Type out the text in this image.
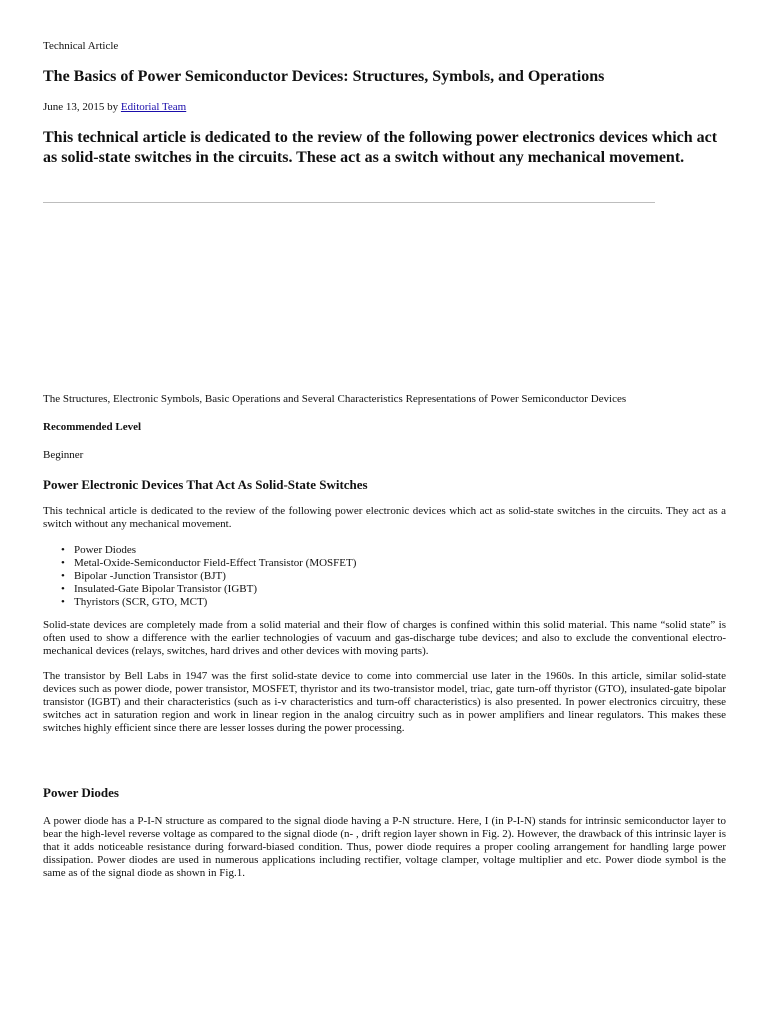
Technical Article
The Basics of Power Semiconductor Devices: Structures, Symbols, and Operations
June 13, 2015 by Editorial Team

This technical article is dedicated to the review of the following power electronics devices which act as solid-state switches in the circuits. These act as a switch without any mechanical movement.

The Structures, Electronic Symbols, Basic Operations and Several Characteristics Representations of Power Semiconductor Devices
Recommended Level
Beginner
Power Electronic Devices That Act As Solid-State Switches

This technical article is dedicated to the review of the following power electronic devices which act as solid-state switches in the circuits. They act as a switch without any mechanical movement.

• Power Diodes
• Metal-Oxide-Semiconductor Field-Effect Transistor (MOSFET)
• Bipolar -Junction Transistor (BJT)
• Insulated-Gate Bipolar Transistor (IGBT)
• Thyristors (SCR, GTO, MCT)

Solid-state devices are completely made from a solid material and their flow of charges is confined within this solid material. This name “solid state” is often used to show a difference with the earlier technologies of vacuum and gas-discharge tube devices; and also to exclude the conventional electro-mechanical devices (relays, switches, hard drives and other devices with moving parts).

The transistor by Bell Labs in 1947 was the first solid-state device to come into commercial use later in the 1960s. In this article, similar solid-state devices such as power diode, power transistor, MOSFET, thyristor and its two-transistor model, triac, gate turn-off thyristor (GTO), insulated-gate bipolar transistor (IGBT) and their characteristics (such as i-v characteristics and turn-off characteristics) is also presented. In power electronics circuitry, these switches act in saturation region and work in linear region in the analog circuitry such as in power amplifiers and linear regulators. This makes these switches highly efficient since there are lesser losses during the power processing.

Power Diodes

A power diode has a P-I-N structure as compared to the signal diode having a P-N structure. Here, I (in P-I-N) stands for intrinsic semiconductor layer to bear the high-level reverse voltage as compared to the signal diode (n- , drift region layer shown in Fig. 2). However, the drawback of this intrinsic layer is that it adds noticeable resistance during forward-biased condition. Thus, power diode requires a proper cooling arrangement for handling large power dissipation. Power diodes are used in numerous applications including rectifier, voltage clamper, voltage multiplier and etc. Power diode symbol is the same as of the signal diode as shown in Fig.1.
